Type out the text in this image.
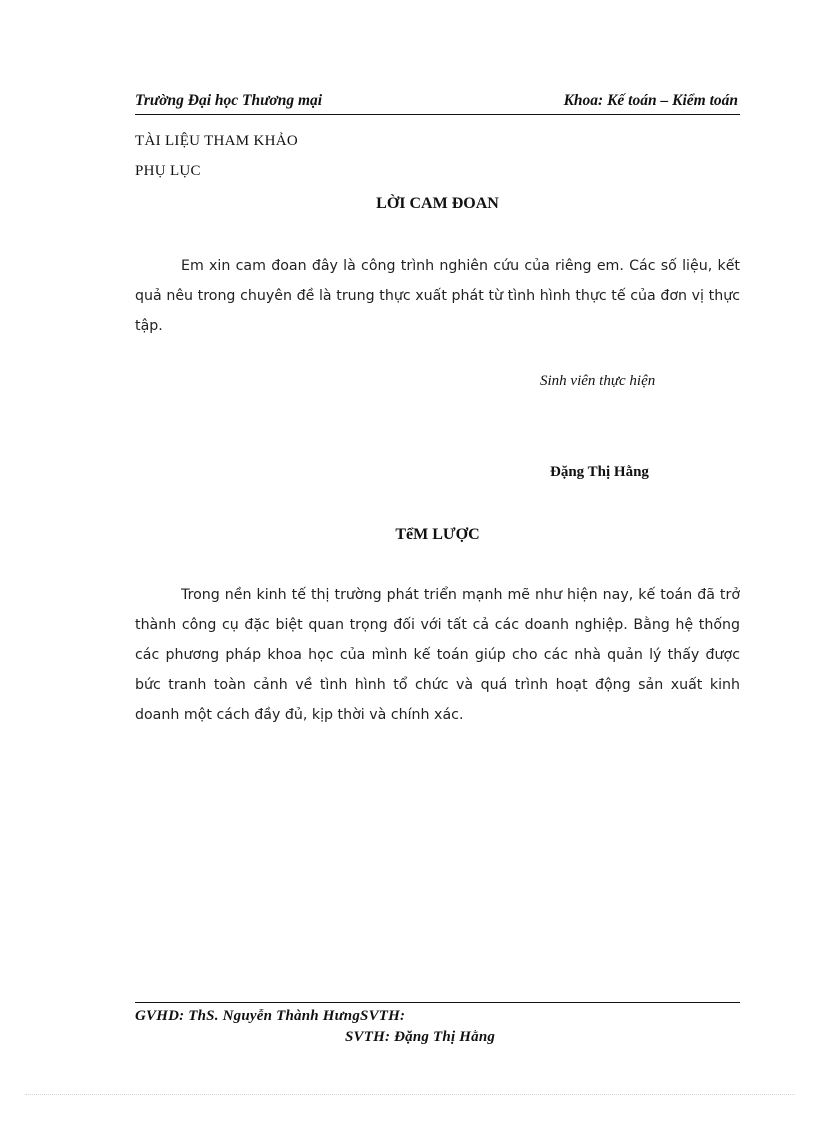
Trường Đại học Thương mại	Khoa: Kế toán – Kiểm toán
TÀI LIỆU THAM KHẢO
PHỤ LỤC
LỜI CAM ĐOAN
Em xin cam đoan đây là công trình nghiên cứu của riêng em. Các số liệu, kết quả nêu trong chuyên đề là trung thực xuất phát từ tình hình thực tế của đơn vị thực tập.
Sinh viên thực hiện
Đặng Thị Hằng
TểM LƯỢC
Trong nền kinh tế thị trường phát triển mạnh mẽ như hiện nay, kế toán đã trở thành công cụ đặc biệt quan trọng đối với tất cả các doanh nghiệp. Bằng hệ thống các phương pháp khoa học của mình kế toán giúp cho các nhà quản lý thấy được bức tranh toàn cảnh về tình hình tổ chức và quá trình hoạt động sản xuất kinh doanh một cách đầy đủ, kịp thời và chính xác.
GVHD: ThS. Nguyễn Thành HưngSVTH:
SVTH: Đặng Thị Hằng
